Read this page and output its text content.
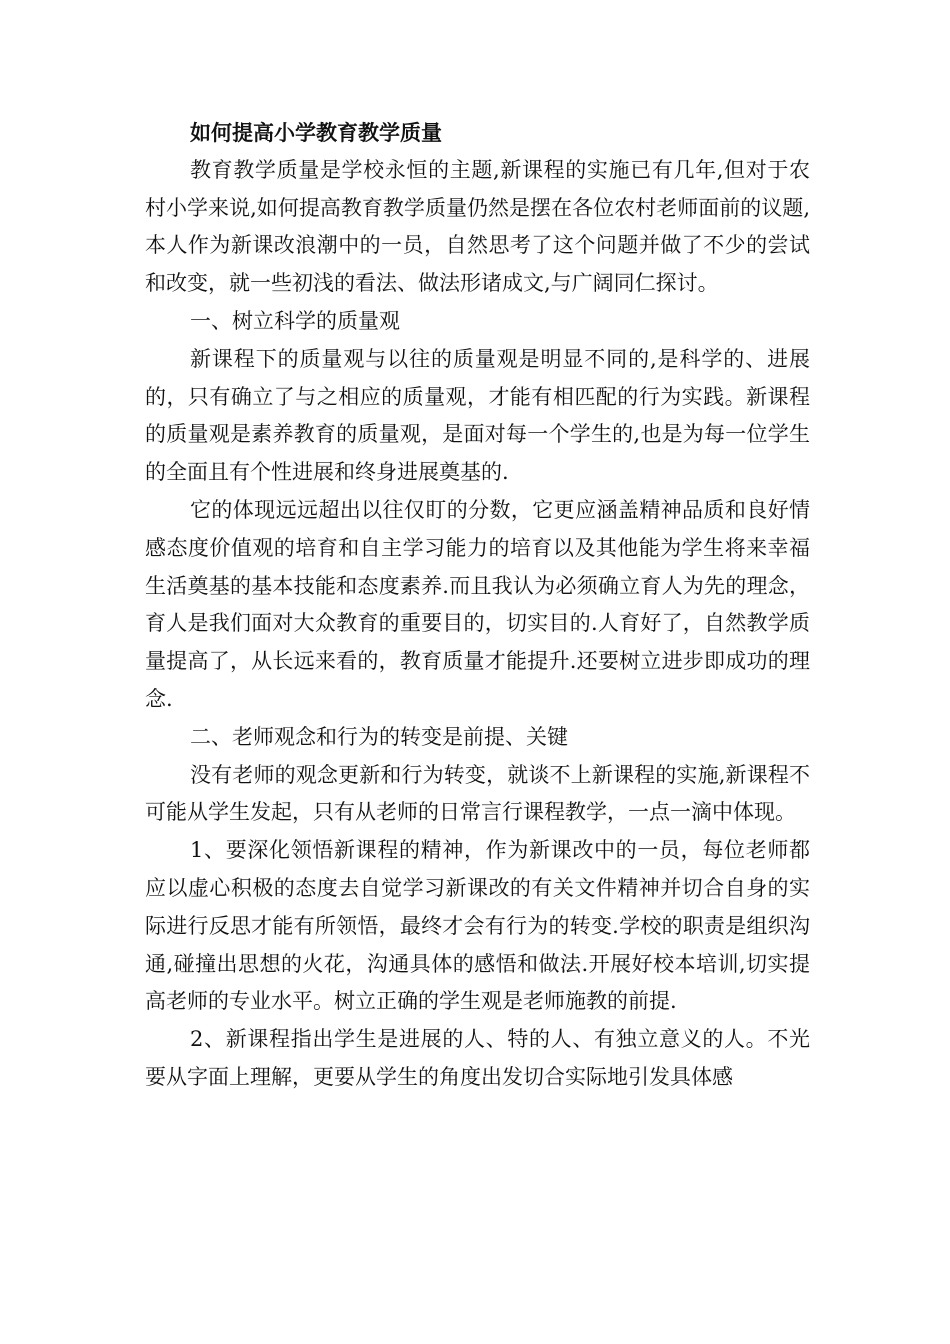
如何提高小学教育教学质量

教育教学质量是学校永恒的主题,新课程的实施已有几年,但对于农村小学来说,如何提高教育教学质量仍然是摆在各位农村老师面前的议题,本人作为新课改浪潮中的一员，自然思考了这个问题并做了不少的尝试和改变，就一些初浅的看法、做法形诸成文,与广阔同仁探讨。

一、树立科学的质量观

新课程下的质量观与以往的质量观是明显不同的,是科学的、进展的，只有确立了与之相应的质量观，才能有相匹配的行为实践。新课程的质量观是素养教育的质量观，是面对每一个学生的,也是为每一位学生的全面且有个性进展和终身进展奠基的.

它的体现远远超出以往仅盯的分数，它更应涵盖精神品质和良好情感态度价值观的培育和自主学习能力的培育以及其他能为学生将来幸福生活奠基的基本技能和态度素养.而且我认为必须确立育人为先的理念，育人是我们面对大众教育的重要目的，切实目的.人育好了，自然教学质量提高了，从长远来看的，教育质量才能提升.还要树立进步即成功的理念.

二、老师观念和行为的转变是前提、关键

没有老师的观念更新和行为转变，就谈不上新课程的实施,新课程不可能从学生发起，只有从老师的日常言行课程教学，一点一滴中体现。

1、要深化领悟新课程的精神，作为新课改中的一员，每位老师都应以虚心积极的态度去自觉学习新课改的有关文件精神并切合自身的实际进行反思才能有所领悟，最终才会有行为的转变.学校的职责是组织沟通,碰撞出思想的火花，沟通具体的感悟和做法.开展好校本培训,切实提高老师的专业水平。树立正确的学生观是老师施教的前提.

2、新课程指出学生是进展的人、特的人、有独立意义的人。不光要从字面上理解，更要从学生的角度出发切合实际地引发具体感
